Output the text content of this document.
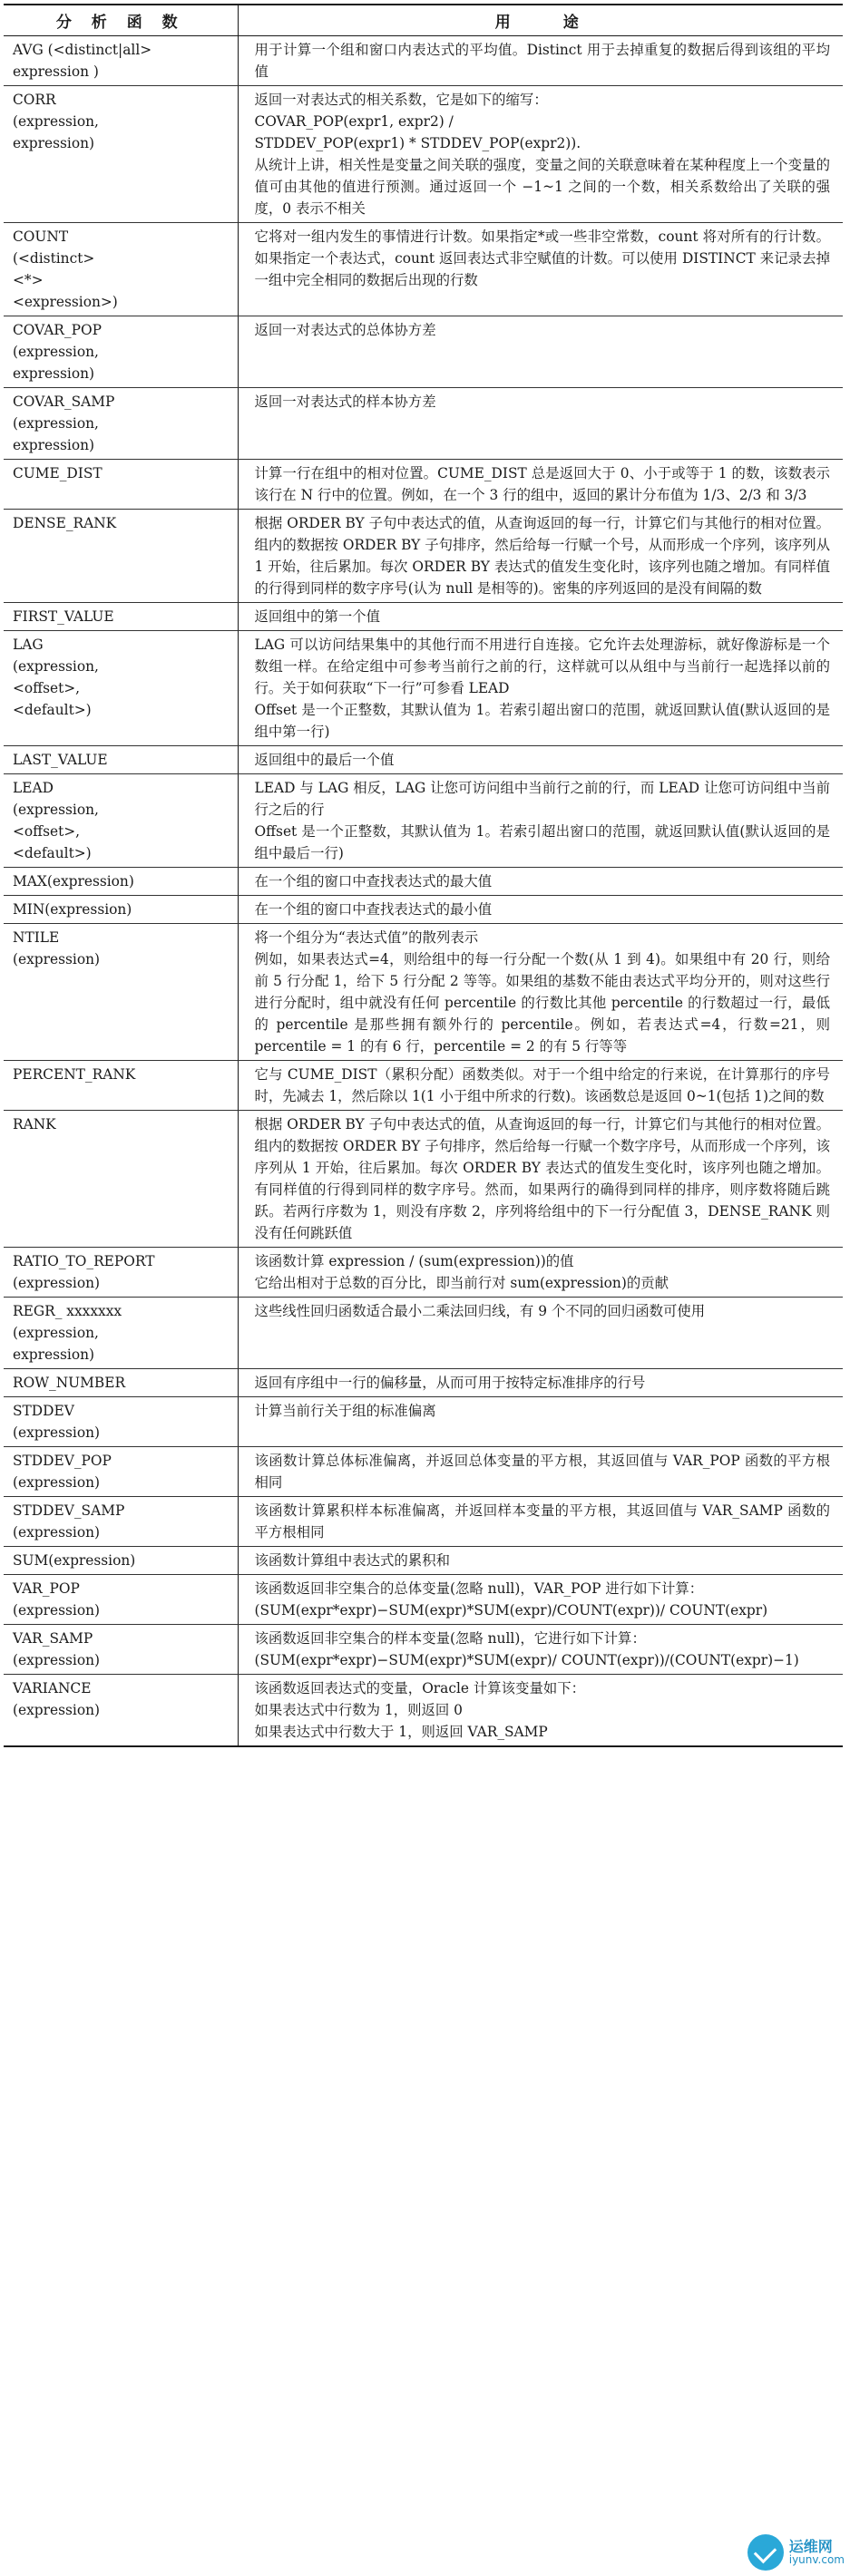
分 析 函 数	用　　途

AVG (<distinct|all>
expression )	用于计算一个组和窗口内表达式的平均值。Distinct 用于去掉重复的数据后得到该组的平均值

CORR
(expression,
expression)	返回一对表达式的相关系数，它是如下的缩写：
COVAR_POP(expr1, expr2) /
STDDEV_POP(expr1) * STDDEV_POP(expr2)).
从统计上讲，相关性是变量之间关联的强度，变量之间的关联意味着在某种程度上一个变量的值可由其他的值进行预测。通过返回一个 −1~1 之间的一个数，相关系数给出了关联的强度，0 表示不相关

COUNT
(<distinct>
<*>
<expression>)	它将对一组内发生的事情进行计数。如果指定*或一些非空常数，count 将对所有的行计数。如果指定一个表达式，count 返回表达式非空赋值的计数。可以使用 DISTINCT 来记录去掉一组中完全相同的数据后出现的行数

COVAR_POP
(expression,
expression)	返回一对表达式的总体协方差

COVAR_SAMP
(expression,
expression)	返回一对表达式的样本协方差

CUME_DIST	计算一行在组中的相对位置。CUME_DIST 总是返回大于 0、小于或等于 1 的数，该数表示该行在 N 行中的位置。例如，在一个 3 行的组中，返回的累计分布值为 1/3、2/3 和 3/3

DENSE_RANK	根据 ORDER BY 子句中表达式的值，从查询返回的每一行，计算它们与其他行的相对位置。组内的数据按 ORDER BY 子句排序，然后给每一行赋一个号，从而形成一个序列，该序列从 1 开始，往后累加。每次 ORDER BY 表达式的值发生变化时，该序列也随之增加。有同样值的行得到同样的数字序号(认为 null 是相等的)。密集的序列返回的是没有间隔的数

FIRST_VALUE	返回组中的第一个值

LAG
(expression,
<offset>,
<default>)	LAG 可以访问结果集中的其他行而不用进行自连接。它允许去处理游标，就好像游标是一个数组一样。在给定组中可参考当前行之前的行，这样就可以从组中与当前行一起选择以前的行。关于如何获取“下一行”可参看 LEAD
Offset 是一个正整数，其默认值为 1。若索引超出窗口的范围，就返回默认值(默认返回的是组中第一行)

LAST_VALUE	返回组中的最后一个值

LEAD
(expression,
<offset>,
<default>)	LEAD 与 LAG 相反，LAG 让您可访问组中当前行之前的行，而 LEAD 让您可访问组中当前行之后的行
Offset 是一个正整数，其默认值为 1。若索引超出窗口的范围，就返回默认值(默认返回的是组中最后一行)

MAX(expression)	在一个组的窗口中查找表达式的最大值

MIN(expression)	在一个组的窗口中查找表达式的最小值

NTILE
(expression)	将一个组分为“表达式值”的散列表示
例如，如果表达式=4，则给组中的每一行分配一个数(从 1 到 4)。如果组中有 20 行，则给前 5 行分配 1，给下 5 行分配 2 等等。如果组的基数不能由表达式平均分开的，则对这些行进行分配时，组中就没有任何 percentile 的行数比其他 percentile 的行数超过一行，最低的 percentile 是那些拥有额外行的 percentile。例如，若表达式=4，行数=21，则 percentile = 1 的有 6 行，percentile = 2 的有 5 行等等

PERCENT_RANK	它与 CUME_DIST（累积分配）函数类似。对于一个组中给定的行来说，在计算那行的序号时，先减去 1，然后除以 1(1 小于组中所求的行数)。该函数总是返回 0~1(包括 1)之间的数

RANK	根据 ORDER BY 子句中表达式的值，从查询返回的每一行，计算它们与其他行的相对位置。组内的数据按 ORDER BY 子句排序，然后给每一行赋一个数字序号，从而形成一个序列，该序列从 1 开始，往后累加。每次 ORDER BY 表达式的值发生变化时，该序列也随之增加。有同样值的行得到同样的数字序号。然而，如果两行的确得到同样的排序，则序数将随后跳跃。若两行序数为 1，则没有序数 2，序列将给组中的下一行分配值 3，DENSE_RANK 则没有任何跳跃值

RATIO_TO_REPORT
(expression)	该函数计算 expression / (sum(expression))的值
它给出相对于总数的百分比，即当前行对 sum(expression)的贡献

REGR_ xxxxxxx
(expression,
expression)	这些线性回归函数适合最小二乘法回归线，有 9 个不同的回归函数可使用

ROW_NUMBER	返回有序组中一行的偏移量，从而可用于按特定标准排序的行号

STDDEV
(expression)	计算当前行关于组的标准偏离

STDDEV_POP
(expression)	该函数计算总体标准偏离，并返回总体变量的平方根，其返回值与 VAR_POP 函数的平方根相同

STDDEV_SAMP
(expression)	该函数计算累积样本标准偏离，并返回样本变量的平方根，其返回值与 VAR_SAMP 函数的平方根相同

SUM(expression)	该函数计算组中表达式的累积和

VAR_POP
(expression)	该函数返回非空集合的总体变量(忽略 null)，VAR_POP 进行如下计算：
(SUM(expr*expr)−SUM(expr)*SUM(expr)/COUNT(expr))/ COUNT(expr)

VAR_SAMP
(expression)	该函数返回非空集合的样本变量(忽略 null)，它进行如下计算：
(SUM(expr*expr)−SUM(expr)*SUM(expr)/ COUNT(expr))/(COUNT(expr)−1)

VARIANCE
(expression)	该函数返回表达式的变量，Oracle 计算该变量如下：
如果表达式中行数为 1，则返回 0
如果表达式中行数大于 1，则返回 VAR_SAMP
运维网
iyunv.com
